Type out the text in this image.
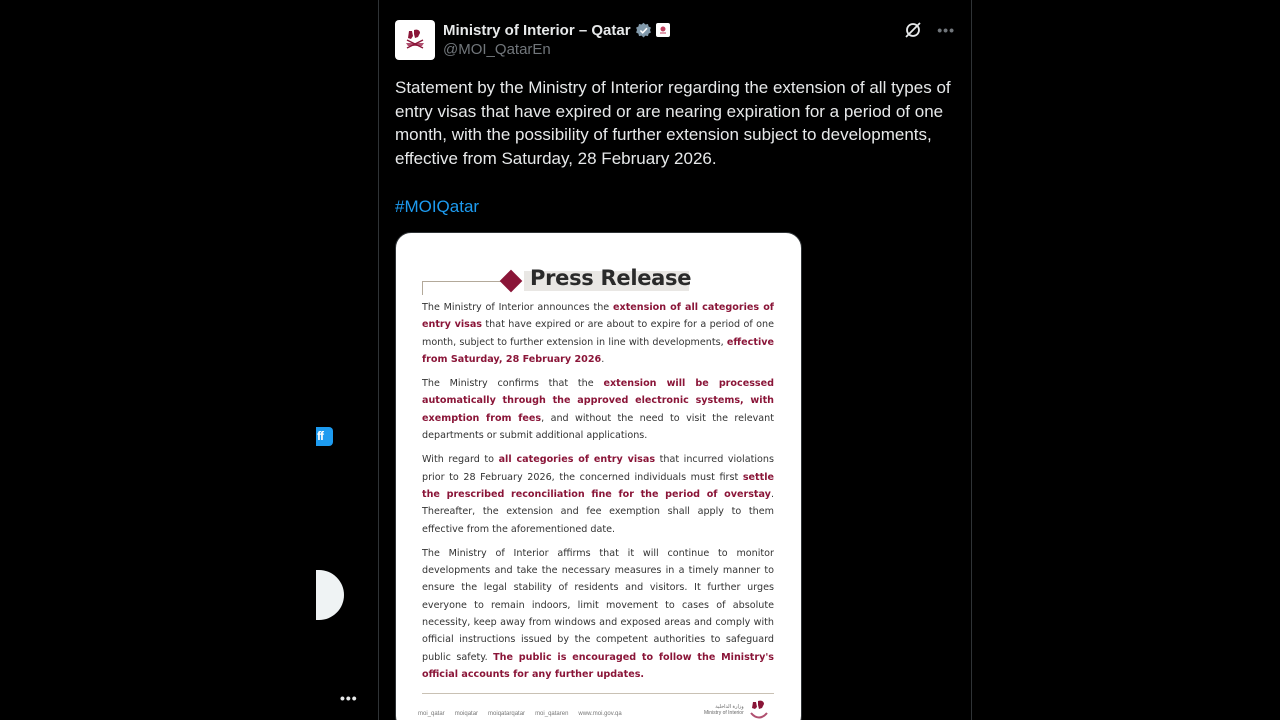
ff
•••
Ministry of Interior – Qatar
@MOI_QatarEn
•••
Statement by the Ministry of Interior regarding the extension of all types of entry visas that have expired or are nearing expiration for a period of one month, with the possibility of further extension subject to developments, effective from Saturday, 28 February 2026.
#MOIQatar
Press Release

The Ministry of Interior announces the extension of all categories of entry visas that have expired or are about to expire for a period of one month, subject to further extension in line with developments, effective from Saturday, 28 February 2026.

The Ministry confirms that the extension will be processed automatically through the approved electronic systems, with exemption from fees, and without the need to visit the relevant departments or submit additional applications.

With regard to all categories of entry visas that incurred violations prior to 28 February 2026, the concerned individuals must first settle the prescribed reconciliation fine for the period of overstay. Thereafter, the extension and fee exemption shall apply to them effective from the aforementioned date.

The Ministry of Interior affirms that it will continue to monitor developments and take the necessary measures in a timely manner to ensure the legal stability of residents and visitors. It further urges everyone to remain indoors, limit movement to cases of absolute necessity, keep away from windows and exposed areas and comply with official instructions issued by the competent authorities to safeguard public safety. The public is encouraged to follow the Ministry's official accounts for any further updates.

moi_qatar moiqatar moiqatarqatar moi_qataren www.moi.gov.qa
وزارة الداخلية
Ministry of Interior
